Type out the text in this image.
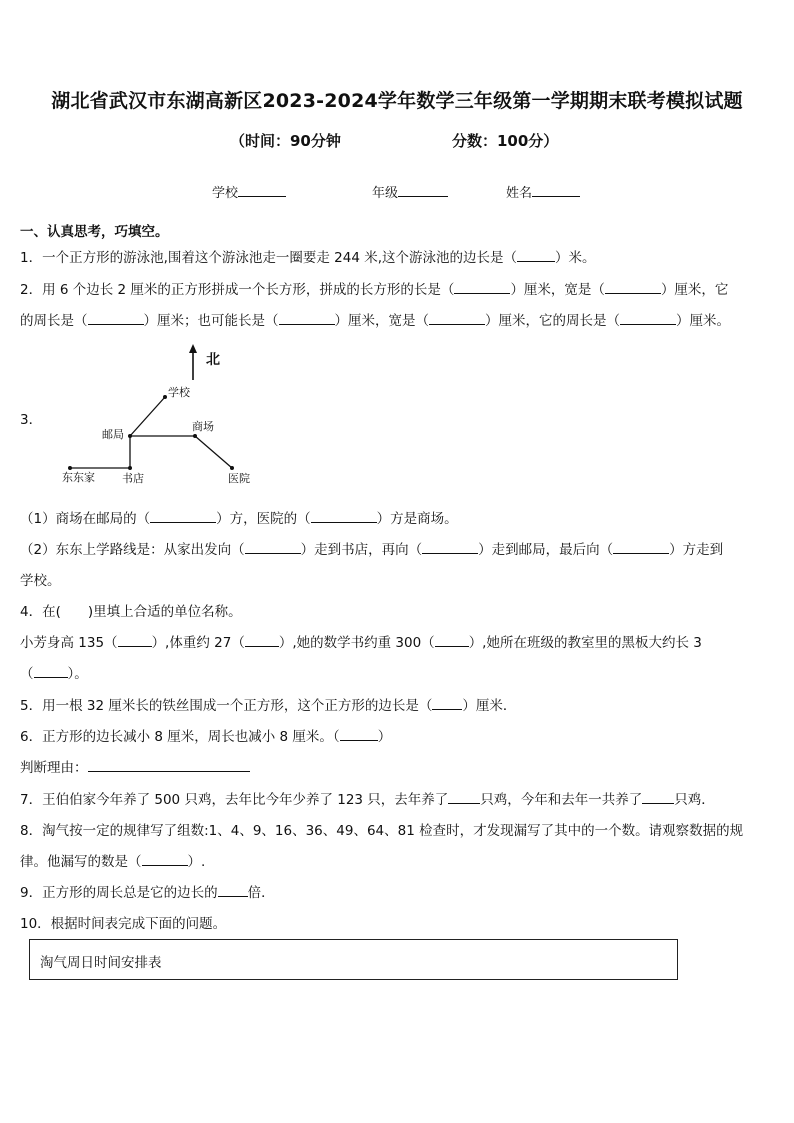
湖北省武汉市东湖高新区2023-2024学年数学三年级第一学期期末联考模拟试题
（时间：90分钟	分数：100分）
学校	年级	姓名
一、认真思考，巧填空。
1．一个正方形的游泳池,围着这个游泳池走一圈要走 244 米,这个游泳池的边长是（	）米。
2．用 6 个边长 2 厘米的正方形拼成一个长方形，拼成的长方形的长是（	）厘米，宽是（	）厘米，它
的周长是（	）厘米；也可能长是（	）厘米，宽是（	）厘米，它的周长是（	）厘米。
3．
北
学校
邮局
商场
东东家 书店	医院
（1）商场在邮局的（	）方，医院的（	）方是商场。
（2）东东上学路线是：从家出发向（	）走到书店，再向（	）走到邮局，最后向（	）方走到
学校。
4．在(　　)里填上合适的单位名称。
小芳身高 135（	）,体重约 27（	）,她的数学书约重 300（	）,她所在班级的教室里的黑板大约长 3
（	）。
5．用一根 32 厘米长的铁丝围成一个正方形，这个正方形的边长是（ ）厘米．
6．正方形的边长减小 8 厘米，周长也减小 8 厘米。（	）
判断理由：
7．王伯伯家今年养了 500 只鸡，去年比今年少养了 123 只，去年养了 只鸡，今年和去年一共养了 只鸡．
8．淘气按一定的规律写了组数:1、4、9、16、36、49、64、81 检查时，才发现漏写了其中的一个数。请观察数据的规
律。他漏写的数是（	）.
9．正方形的周长总是它的边长的 倍．
10．根据时间表完成下面的问题。
淘气周日时间安排表
